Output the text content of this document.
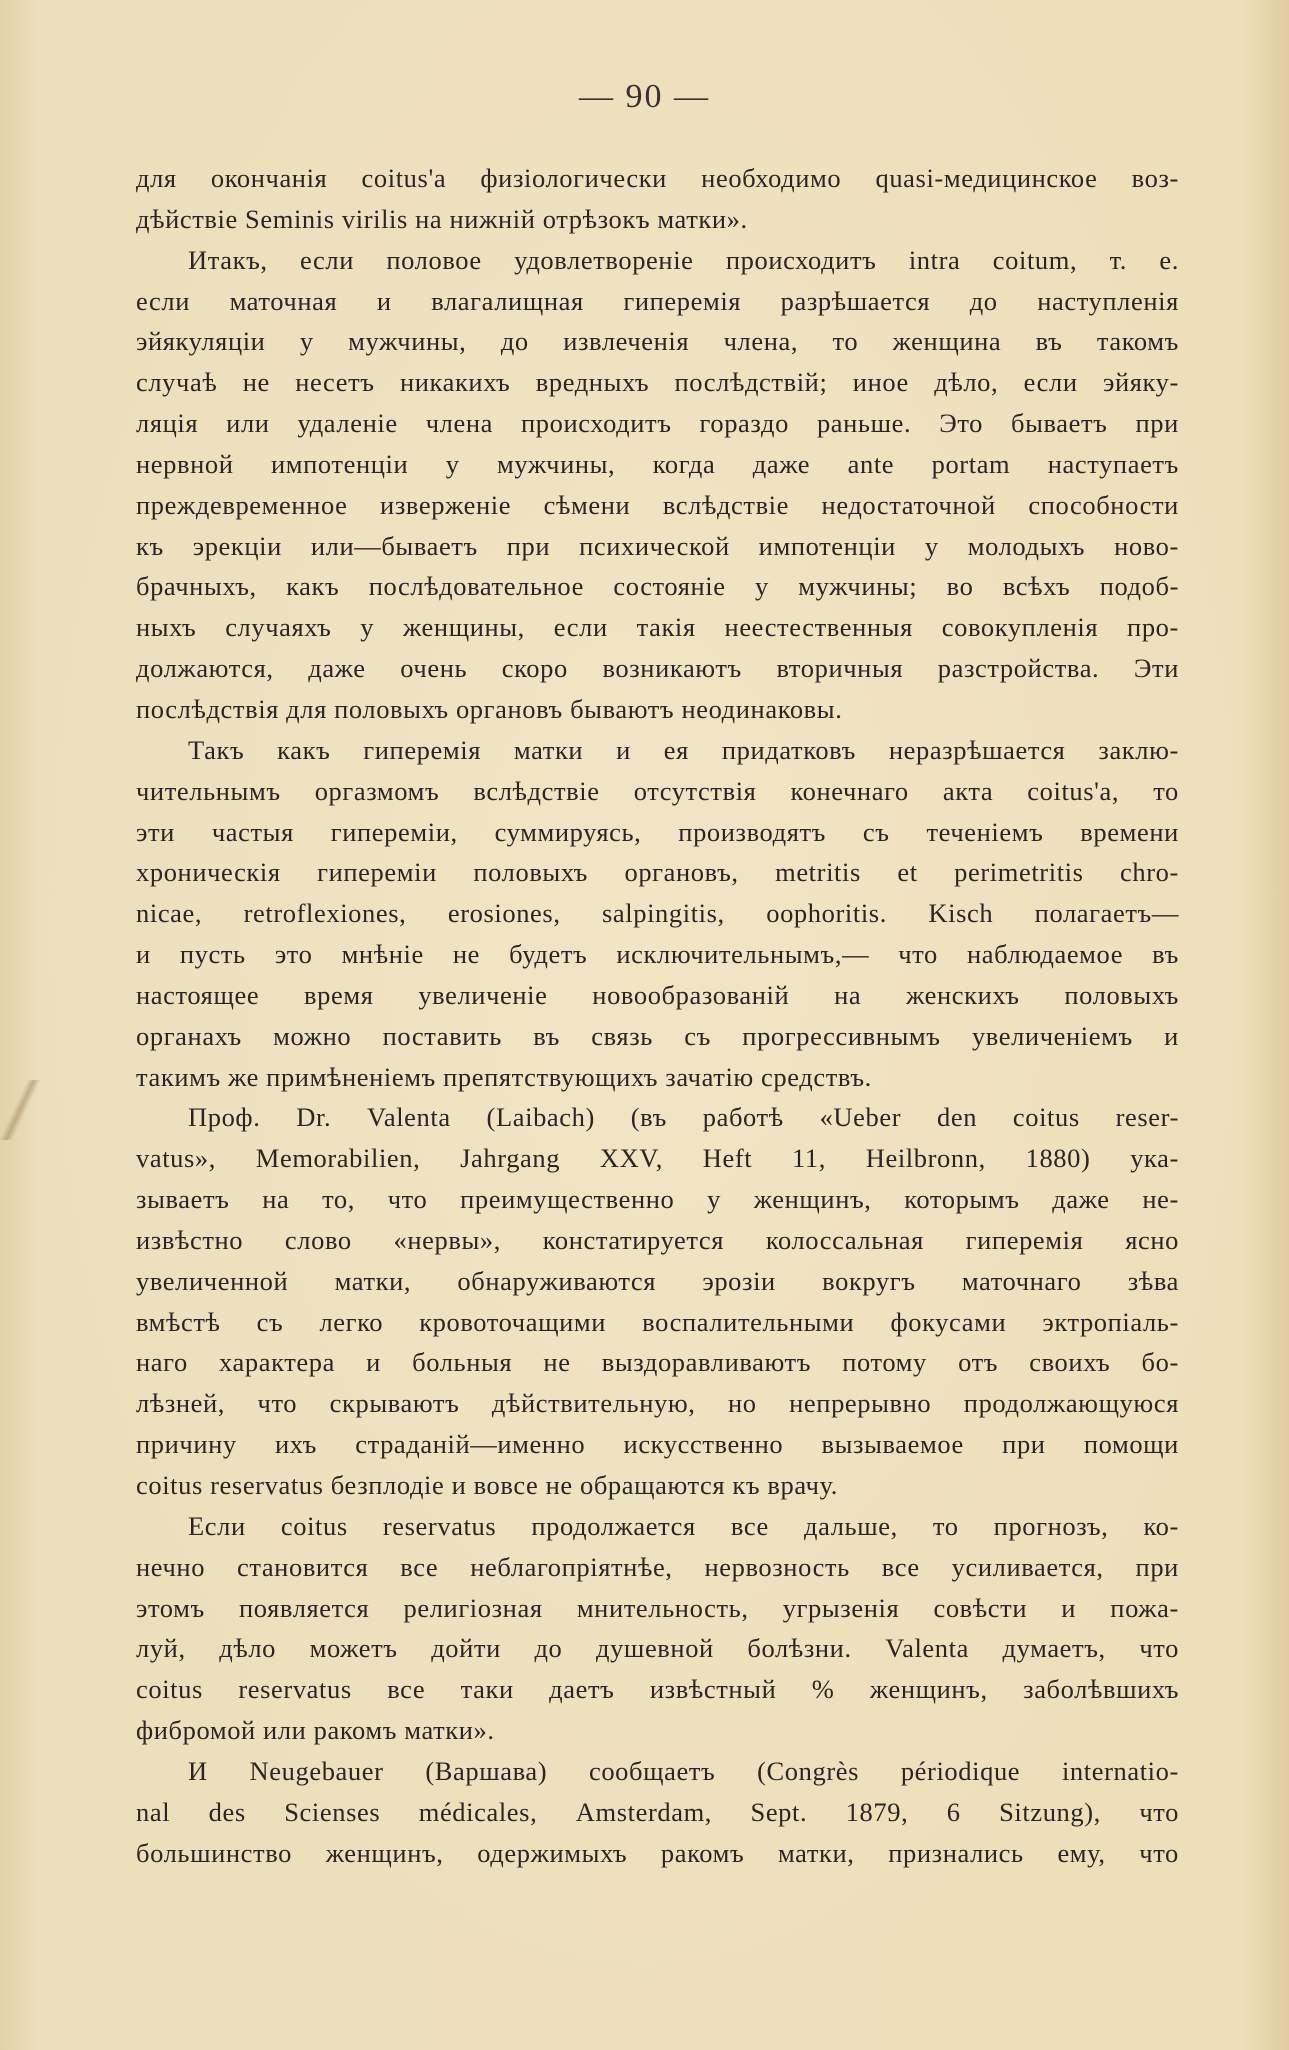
— 90 —
для окончанія coitus'а физіологически необходимо quasi-медицинское воз-
дѣйствіе Seminis virilis на нижній отрѣзокъ матки».
Итакъ, если половое удовлетвореніе происходитъ intra coitum, т. е.
если маточная и влагалищная гиперемія разрѣшается до наступленія
эйякуляціи у мужчины, до извлеченія члена, то женщина въ такомъ
случаѣ не несетъ никакихъ вредныхъ послѣдствій; иное дѣло, если эйяку-
ляція или удаленіе члена происходитъ гораздо раньше. Это бываетъ при
нервной импотенціи у мужчины, когда даже ante portam наступаетъ
преждевременное изверженіе сѣмени вслѣдствіе недостаточной способности
къ эрекціи или—бываетъ при психической импотенціи у молодыхъ ново-
брачныхъ, какъ послѣдовательное состояніе у мужчины; во всѣхъ подоб-
ныхъ случаяхъ у женщины, если такія неестественныя совокупленія про-
должаются, даже очень скоро возникаютъ вторичныя разстройства. Эти
послѣдствія для половыхъ органовъ бываютъ неодинаковы.
Такъ какъ гиперемія матки и ея придатковъ неразрѣшается заклю-
чительнымъ оргазмомъ вслѣдствіе отсутствія конечнаго акта coitus'а, то
эти частыя гипереміи, суммируясь, производятъ съ теченіемъ времени
хроническія гипереміи половыхъ органовъ, metritis et perimetritis chro-
nicae, retroflexiones, erosiones, salpingitis, oophoritis. Kisch полагаетъ—
и пусть это мнѣніе не будетъ исключительнымъ,— что наблюдаемое въ
настоящее время увеличеніе новообразованій на женскихъ половыхъ
органахъ можно поставить въ связь съ прогрессивнымъ увеличеніемъ и
такимъ же примѣненіемъ препятствующихъ зачатію средствъ.
Проф. Dr. Valenta (Laibach) (въ работѣ «Ueber den coitus reser-
vatus», Memorabilien, Jahrgang XXV, Heft 11, Heilbronn, 1880) ука-
зываетъ на то, что преимущественно у женщинъ, которымъ даже не-
извѣстно слово «нервы», констатируется колоссальная гиперемія ясно
увеличенной матки, обнаруживаются эрозіи вокругъ маточнаго зѣва
вмѣстѣ съ легко кровоточащими воспалительными фокусами эктропіаль-
наго характера и больныя не выздоравливаютъ потому отъ своихъ бо-
лѣзней, что скрываютъ дѣйствительную, но непрерывно продолжающуюся
причину ихъ страданій—именно искусственно вызываемое при помощи
coitus reservatus безплодіе и вовсе не обращаются къ врачу.
Если coitus reservatus продолжается все дальше, то прогнозъ, ко-
нечно становится все неблагопріятнѣе, нервозность все усиливается, при
этомъ появляется религіозная мнительность, угрызенія совѣсти и пожа-
луй, дѣло можетъ дойти до душевной болѣзни. Valenta думаетъ, что
coitus reservatus все таки даетъ извѣстный % женщинъ, заболѣвшихъ
фибромой или ракомъ матки».
И Neugebauer (Варшава) сообщаетъ (Congrès périodique internatio-
nal des Scienses médicales, Amsterdam, Sept. 1879, 6 Sitzung), что
большинство женщинъ, одержимыхъ ракомъ матки, признались ему, что
